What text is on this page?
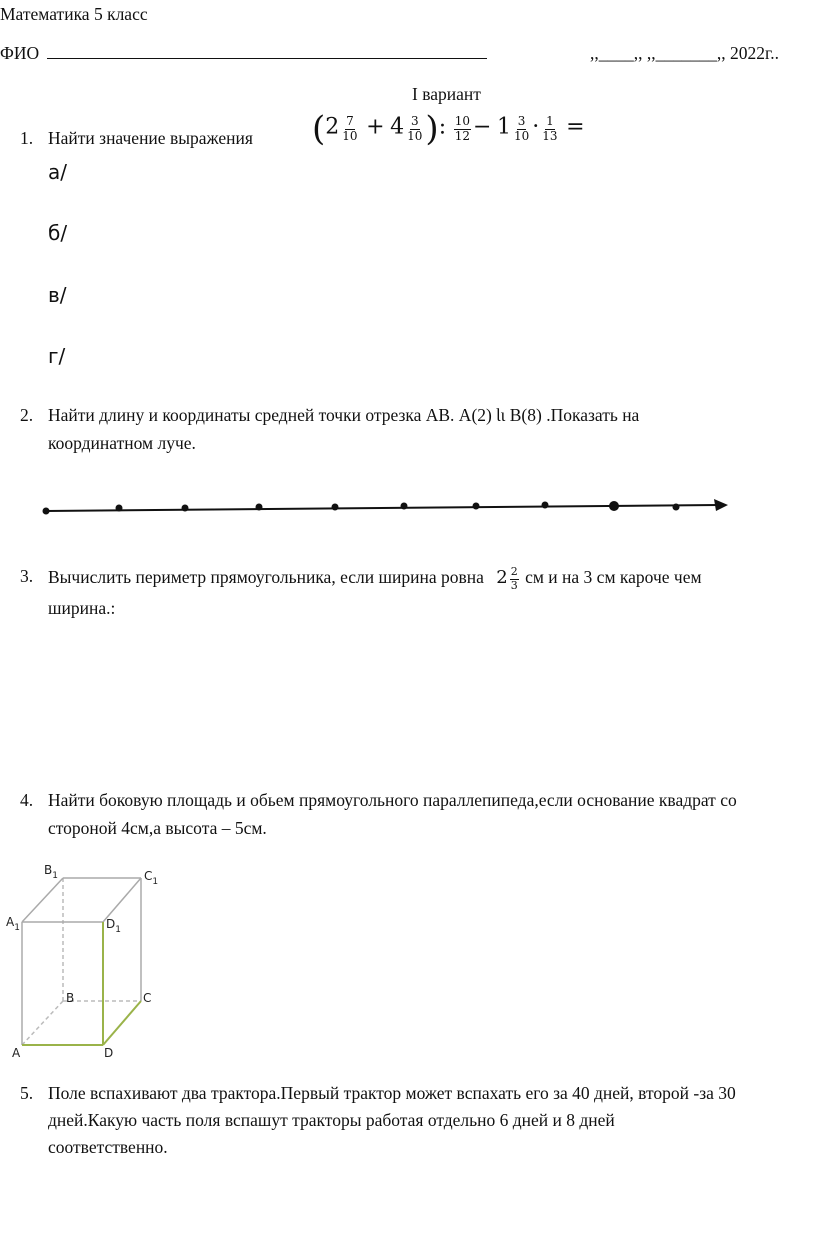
Математика 5 класс
ФИО	,,____,, ,,_______,, 2022г..
I вариант
1. Найти значение выражения ($2 \frac{7}{10} + 4 \frac{3}{10}$ ): $\frac{10}{12} - 1 \frac{3}{10} \cdot \frac{1}{13}$ =
а/
б/
в/
г/
2. Найти длину и координаты средней точки отрезка АВ. А(2) Ɩɩ В(8) .Показать на
координатном луче.
3. Вычислить периметр прямоугольника, если ширина ровна $2 \frac{2}{3}$ см и на 3 см кароче чем
ширина.:
4. Найти боковую площадь и обьем прямоугольного параллепипеда,если основание квадрат со
стороной 4см,а высота – 5см.
$B_1$	$C_1$
$A_1$	$D_1$
B	C
A	D
5. Поле вспахивают два трактора.Первый трактор может вспахать его за 40 дней, второй -за 30
дней.Какую часть поля вспашут тракторы работая отдельно 6 дней и 8 дней
соответственно.
